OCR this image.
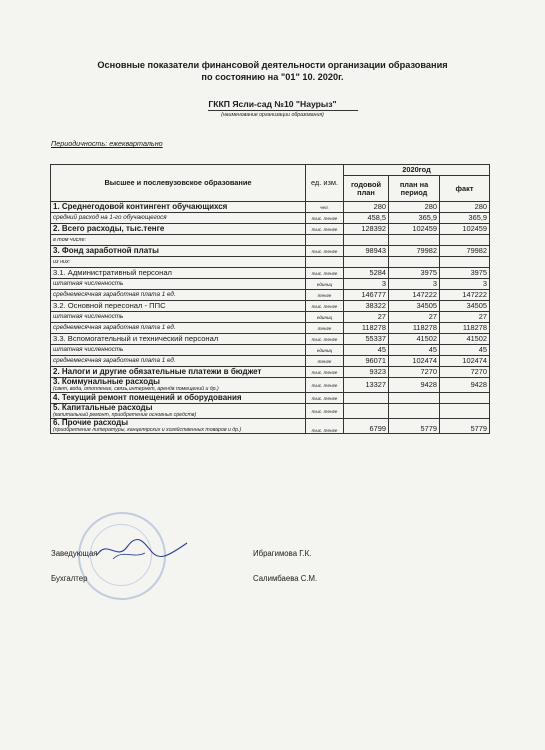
Основные показатели финансовой деятельности организации образования
по состоянию на "01" 10. 2020г.
ГККП Ясли-сад №10 "Наурыз"
(наименование организации образования)
Периодичность: ежеквартально
Высшее и послевузовское образование	ед. изм.	2020год		
		годовой план	план на период	факт
1. Среднегодовой контингент обучающихся	чел.	280	280	280
средний расход на 1-го обучающегося	тыс. тенге	458,5	365,9	365,9
2. Всего расходы, тыс.тенге	тыс. тенге	128392	102459	102459
в том числе:				
3. Фонд заработной платы	тыс. тенге	98943	79982	79982
из них:				
3.1. Административный персонал	тыс. тенге	5284	3975	3975
штатная численность	единиц	3	3	3
среднемесячная заработная плата 1 ед.	тенге	146777	147222	147222
3.2. Основной пересонал - ППС	тыс. тенге	38322	34505	34505
штатная численность	единиц	27	27	27
среднемесячная заработная плата 1 ед.	тенге	118278	118278	118278
3.3. Вспомогательный и технический персонал	тыс. тенге	55337	41502	41502
штатная численность	единиц	45	45	45
среднемесячная заработная плата 1 ед.	тенге	96071	102474	102474
2. Налоги и другие обязательные платежи в бюджет	тыс. тенге	9323	7270	7270
3. Коммунальные расходы
(свет, вода, отопление, связь,интернет, арендв помещений и др.)	тыс. тенге	13327	9428	9428
4. Текущий ремонт помещений и оборудования	тыс. тенге			
5. Капитальные расходы
(капитальный ремонт, приобретение основных средств)	тыс. тенге			
6. Прочие расходы
(приобретение литературы, канцелярских и хозяйственных товаров и др.)	тыс. тенге	6799	5779	5779
Заведующая	Ибрагимова Г.К.
Бухгалтер	Салимбаева С.М.
